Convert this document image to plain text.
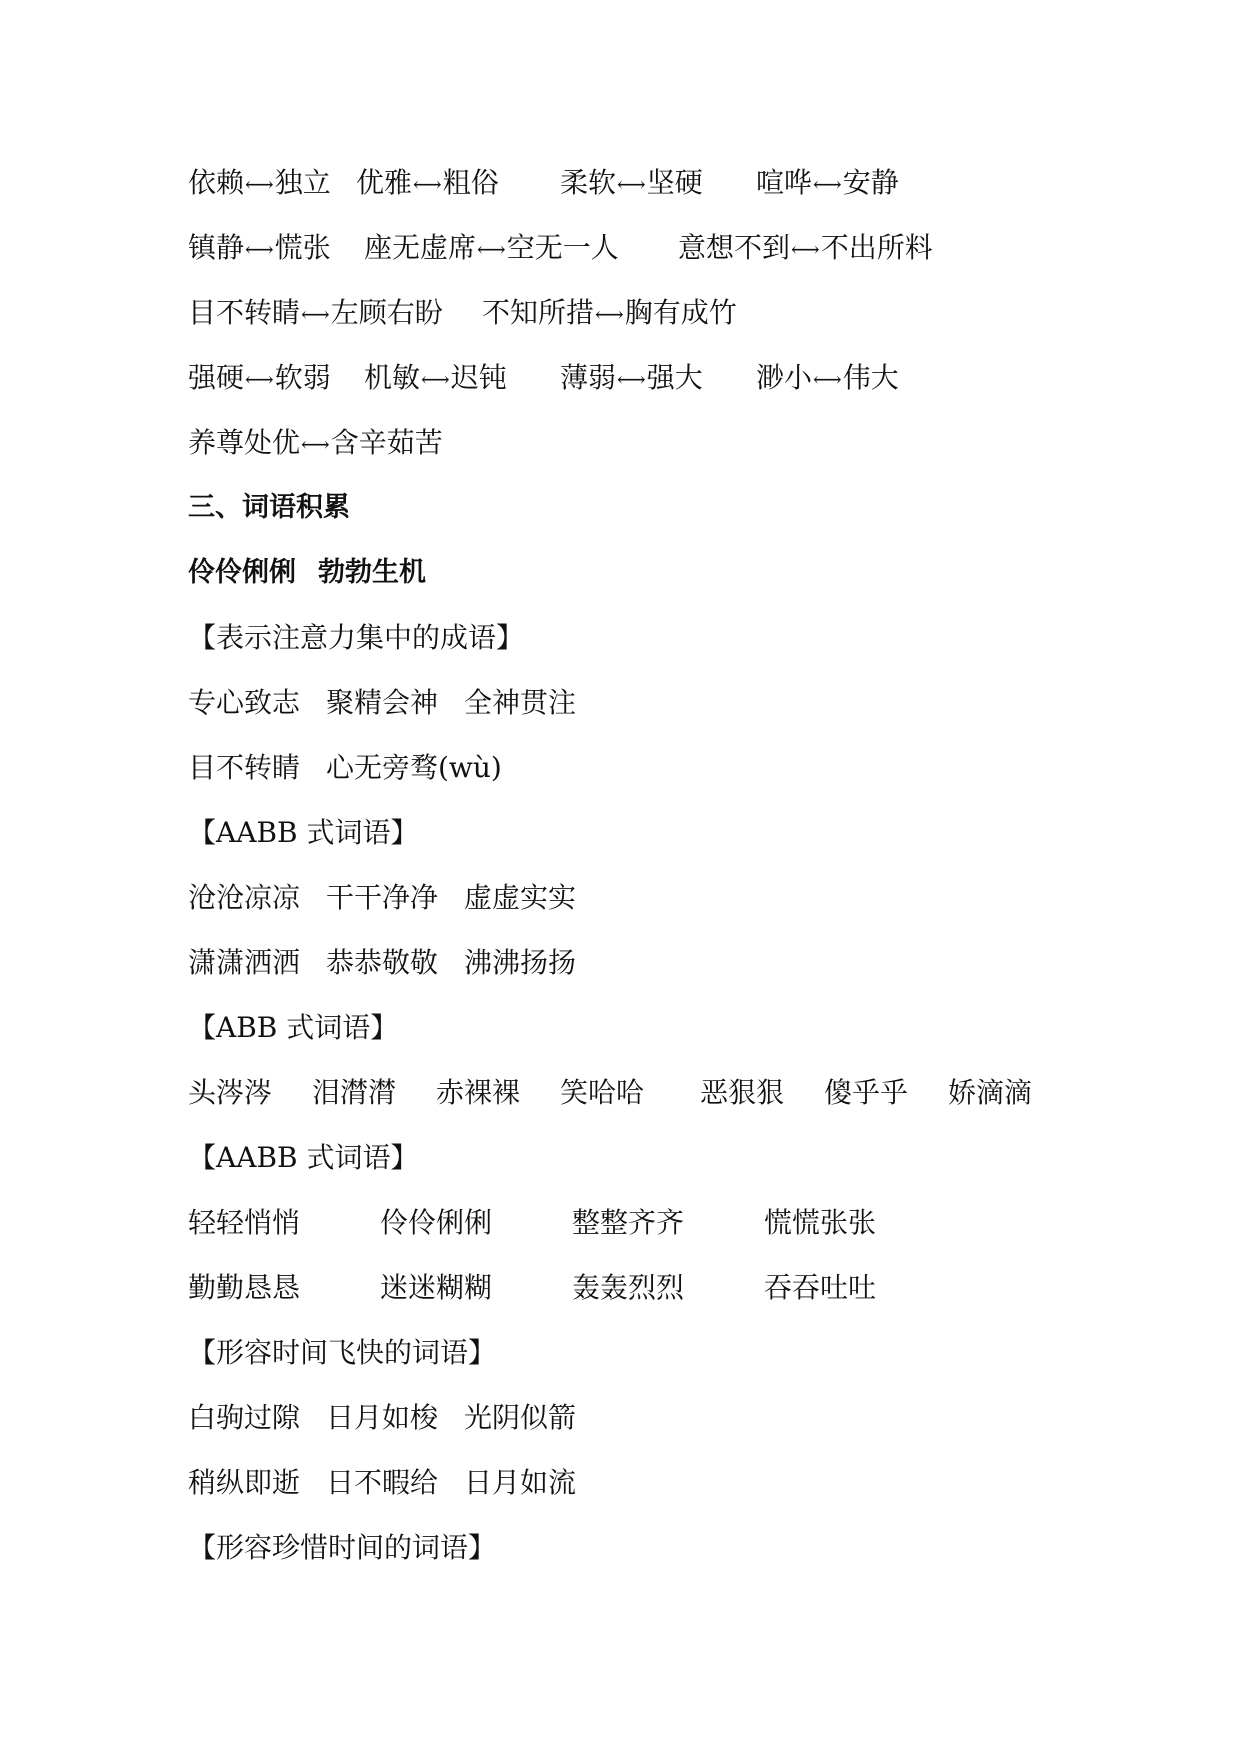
依赖⟷独立 优雅⟷粗俗 柔软⟷坚硬 喧哗⟷安静
镇静⟷慌张 座无虚席⟷空无一人 意想不到⟷不出所料
目不转睛⟷左顾右盼 不知所措⟷胸有成竹
强硬⟷软弱 机敏⟷迟钝 薄弱⟷强大 渺小⟷伟大
养尊处优⟷含辛茹苦
三、词语积累
伶伶俐俐 勃勃生机
【表示注意力集中的成语】
专心致志 聚精会神 全神贯注
目不转睛 心无旁骛(wù)
【AABB 式词语】
沧沧凉凉 干干净净 虚虚实实
潇潇洒洒 恭恭敬敬 沸沸扬扬
【ABB 式词语】
头涔涔 泪潸潸 赤裸裸 笑哈哈 恶狠狠 傻乎乎 娇滴滴
【AABB 式词语】
轻轻悄悄	伶伶俐俐	整整齐齐	慌慌张张
勤勤恳恳	迷迷糊糊	轰轰烈烈	吞吞吐吐
【形容时间飞快的词语】
白驹过隙 日月如梭 光阴似箭
稍纵即逝 日不暇给 日月如流
【形容珍惜时间的词语】
